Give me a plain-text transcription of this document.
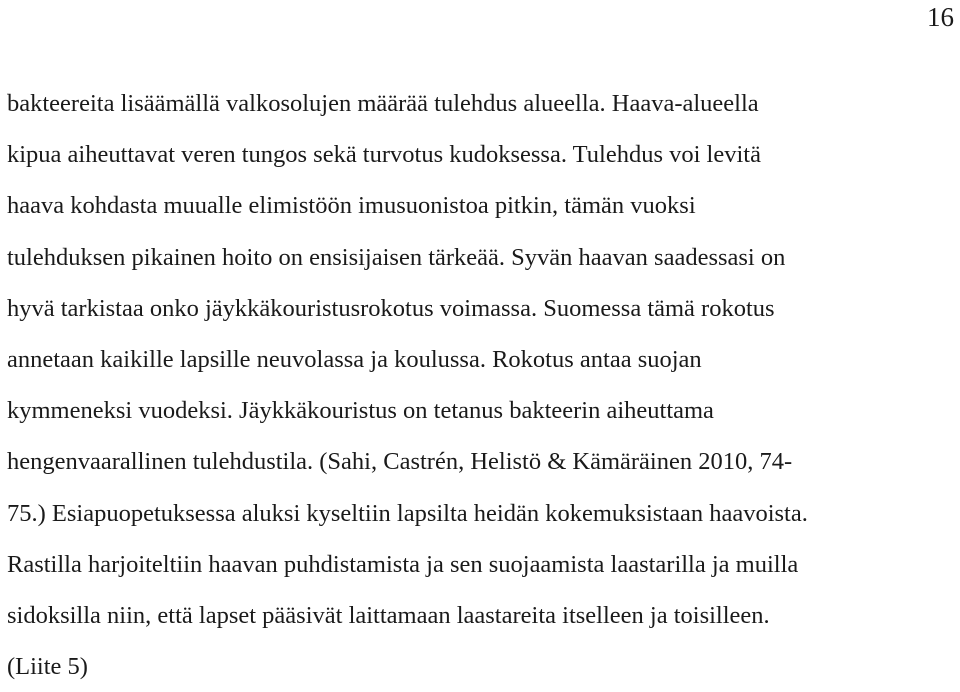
16
bakteereita lisäämällä valkosolujen määrää tulehdus alueella. Haava-alueella
kipua aiheuttavat veren tungos sekä turvotus kudoksessa. Tulehdus voi levitä
haava kohdasta muualle elimistöön imusuonistoa pitkin, tämän vuoksi
tulehduksen pikainen hoito on ensisijaisen tärkeää. Syvän haavan saadessasi on
hyvä tarkistaa onko jäykkäkouristusrokotus voimassa. Suomessa tämä rokotus
annetaan kaikille lapsille neuvolassa ja koulussa. Rokotus antaa suojan
kymmeneksi vuodeksi. Jäykkäkouristus on tetanus bakteerin aiheuttama
hengenvaarallinen tulehdustila. (Sahi, Castrén, Helistö & Kämäräinen 2010, 74-
75.) Esiapuopetuksessa aluksi kyseltiin lapsilta heidän kokemuksistaan haavoista.
Rastilla harjoiteltiin haavan puhdistamista ja sen suojaamista laastarilla ja muilla
sidoksilla niin, että lapset pääsivät laittamaan laastareita itselleen ja toisilleen.
(Liite 5)
